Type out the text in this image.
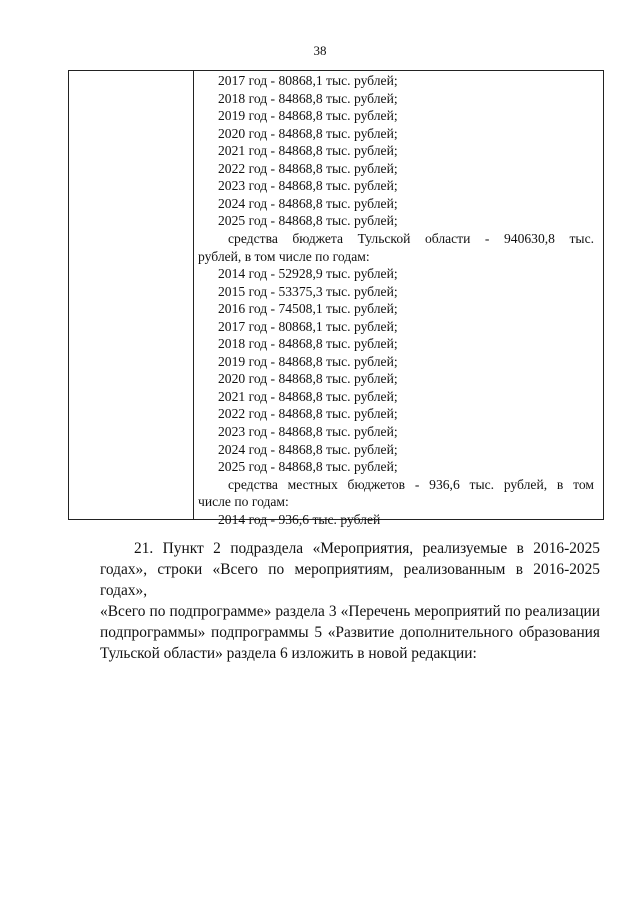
38
2017 год - 80868,1 тыс. рублей;
2018 год - 84868,8 тыс. рублей;
2019 год - 84868,8 тыс. рублей;
2020 год - 84868,8 тыс. рублей;
2021 год - 84868,8 тыс. рублей;
2022 год - 84868,8 тыс. рублей;
2023 год - 84868,8 тыс. рублей;
2024 год - 84868,8 тыс. рублей;
2025 год - 84868,8 тыс. рублей;
средства бюджета Тульской области - 940630,8 тыс.
рублей, в том числе по годам:
2014 год - 52928,9 тыс. рублей;
2015 год - 53375,3 тыс. рублей;
2016 год - 74508,1 тыс. рублей;
2017 год - 80868,1 тыс. рублей;
2018 год - 84868,8 тыс. рублей;
2019 год - 84868,8 тыс. рублей;
2020 год - 84868,8 тыс. рублей;
2021 год - 84868,8 тыс. рублей;
2022 год - 84868,8 тыс. рублей;
2023 год - 84868,8 тыс. рублей;
2024 год - 84868,8 тыс. рублей;
2025 год - 84868,8 тыс. рублей;
средства местных бюджетов - 936,6 тыс. рублей, в том
числе по годам:
2014 год - 936,6 тыс. рублей
21. Пункт 2 подраздела «Мероприятия, реализуемые в 2016-2025
годах», строки «Всего по мероприятиям, реализованным в 2016-2025 годах»,
«Всего по подпрограмме» раздела 3 «Перечень мероприятий по реализации
подпрограммы» подпрограммы 5 «Развитие дополнительного образования
Тульской области» раздела 6 изложить в новой редакции:
